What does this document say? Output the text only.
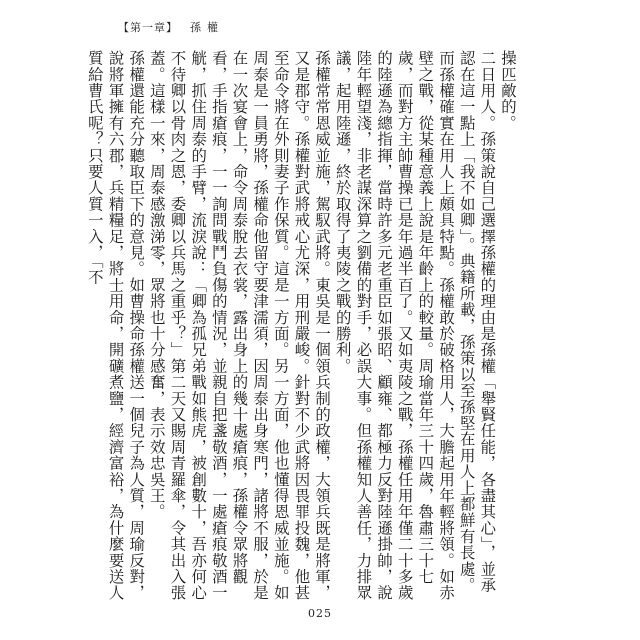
【第一章】 孫權

操匹敵的。

二日用人。孫策說自己選擇孫權的理由是孫權「舉賢任能，各盡其心」，並承認在這一點上「我不如卿」。典籍所載，孫策以至孫堅在用人上都鮮有長處。而孫權確實在用人上頗具特點。孫權敢於破格用人，大膽起用年輕將領。如赤壁之戰，從某種意義上說是年齡上的較量。周瑜當年三十四歲，魯肅三十七歲，而對方主帥曹操已是年過半百了。又如夷陵之戰，孫權任用年僅二十多歲的陸遜為總指揮，當時許多元老重臣如張昭、顧雍、都極力反對陸遜掛帥，說陸年輕望淺，非老謀深算之劉備的對手，必誤大事。但孫權知人善任，力排眾議，起用陸遜，終於取得了夷陵之戰的勝利。

孫權常常恩威並施，駕馭武將。東吳是一個領兵制的政權，大領兵既是將軍，又是郡守。孫權對武將戒心尤深，用刑嚴峻。針對不少武將因畏罪投魏，他甚至命令將在外則妻子作保質。這是一方面。另一方面，他也懂得恩威並施。如周泰是一員勇將，孫權命他留守要津濡須，因周泰出身寒門，諸將不服，於是在一次宴會上，命令周泰脫去衣裳，露出身上的幾十處瘡痕，孫權令眾將觀看，手指瘡痕，一一詢問戰鬥負傷的情況，並親自把盞敬酒，一處瘡痕敬酒一觥，抓住周泰的手臂，流淚說：「卿為孤兄弟戰如熊虎，被創數十，吾亦何心不待卿以骨肉之恩，委卿以兵馬之重乎？」第二天又賜周青羅傘，令其出入張蓋。這樣一來，周泰感激涕零，眾將也十分感奮，表示效忠吳王。

孫權還能充分聽取臣下的意見。如曹操命孫權送一個兒子為人質，周瑜反對，說將軍擁有六郡，兵精糧足，將士用命，開礦煮鹽，經濟富裕，為什麼要送人質給曹氏呢？只要人質一入，「不

025
